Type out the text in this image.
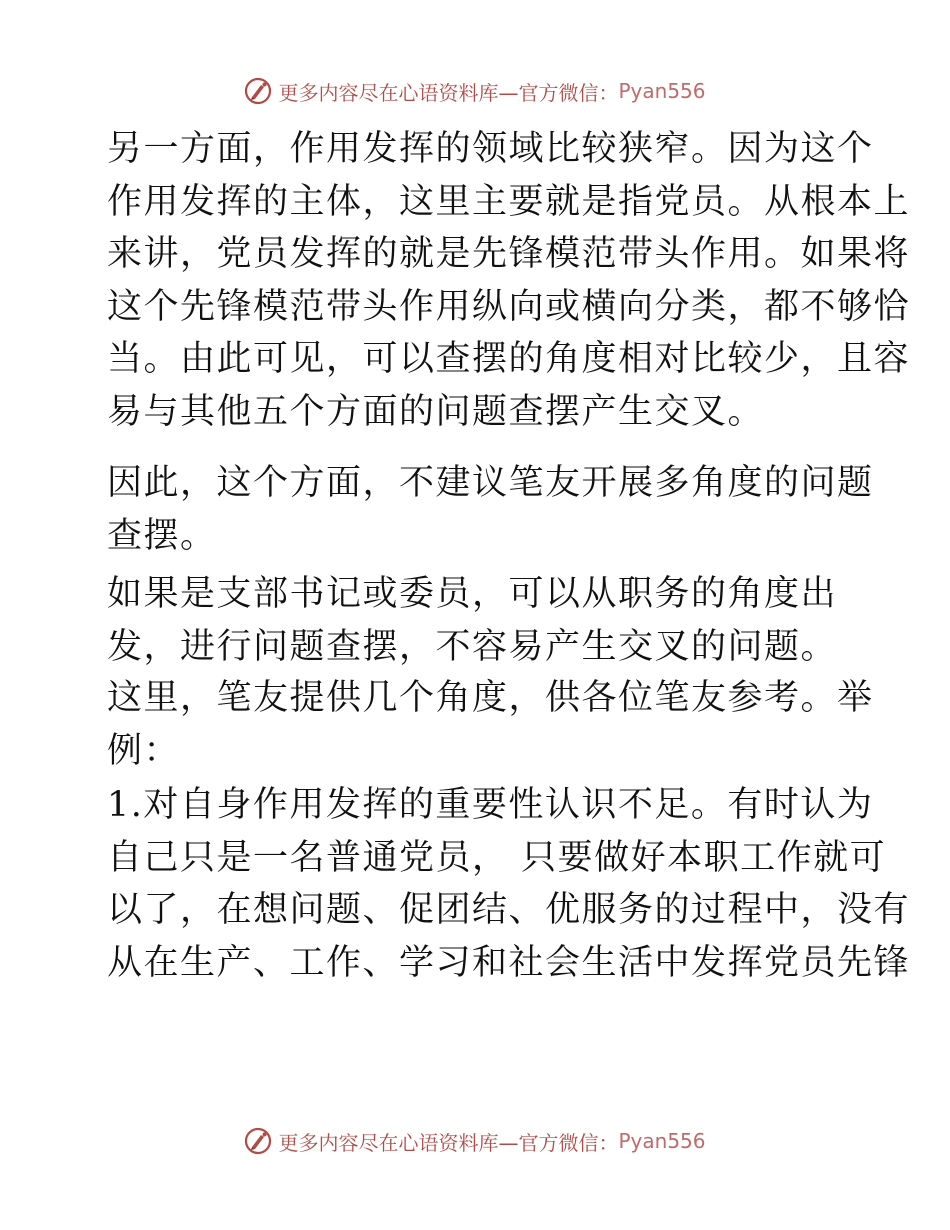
更多内容尽在心语资料库—官方微信： Pyan556

另一方面，作用发挥的领域比较狭窄。因为这个
作用发挥的主体，这里主要就是指党员。从根本上
来讲，党员发挥的就是先锋模范带头作用。如果将
这个先锋模范带头作用纵向或横向分类，都不够恰
当。由此可见，可以查摆的角度相对比较少，且容
易与其他五个方面的问题查摆产生交叉。

因此，这个方面，不建议笔友开展多角度的问题
查摆。

如果是支部书记或委员，可以从职务的角度出
发，进行问题查摆，不容易产生交叉的问题。

这里，笔友提供几个角度，供各位笔友参考。举
例：

1.对自身作用发挥的重要性认识不足。有时认为
自己只是一名普通党员， 只要做好本职工作就可
以了，在想问题、促团结、优服务的过程中，没有
从在生产、工作、学习和社会生活中发挥党员先锋

更多内容尽在心语资料库—官方微信： Pyan556
